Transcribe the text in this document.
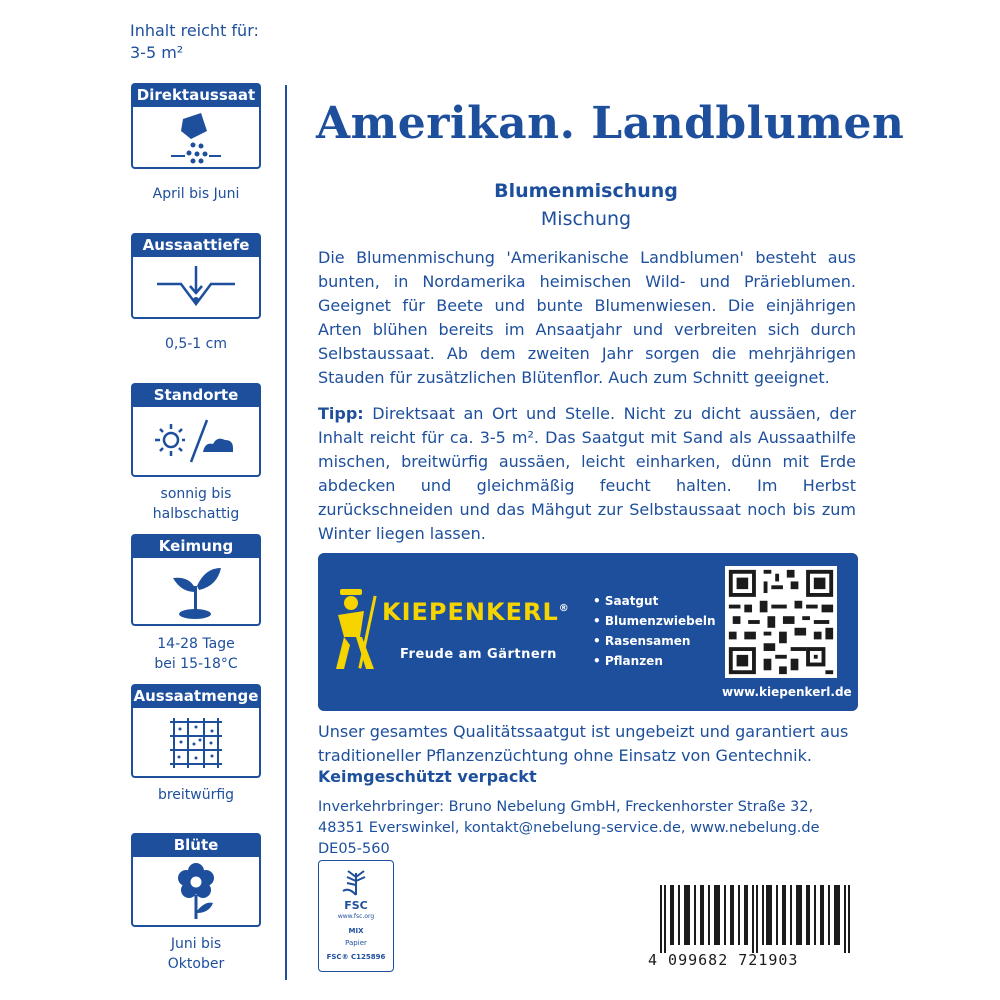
Inhalt reicht für:
3-5 m²
Direktaussaat
April bis Juni
Aussaattiefe
0,5-1 cm
Standorte
sonnig bis
halbschattig
Keimung
14-28 Tage
bei 15-18°C
Aussaatmenge
breitwürfig
Blüte
Juni bis
Oktober
Amerikan. Landblumen
Blumenmischung
Mischung
Die Blumenmischung 'Amerikanische Landblumen' besteht aus bunten, in Nordamerika heimischen Wild- und Prärieblumen. Geeignet für Beete und bunte Blumenwiesen. Die einjährigen Arten blühen bereits im Ansaatjahr und verbreiten sich durch Selbstaussaat. Ab dem zweiten Jahr sorgen die mehrjährigen Stauden für zusätzlichen Blütenflor. Auch zum Schnitt geeignet.
Tipp: Direktsaat an Ort und Stelle. Nicht zu dicht aussäen, der Inhalt reicht für ca. 3-5 m². Das Saatgut mit Sand als Aussaathilfe mischen, breitwürfig aussäen, leicht einharken, dünn mit Erde abdecken und gleichmäßig feucht halten. Im Herbst zurückschneiden und das Mähgut zur Selbstaussaat noch bis zum Winter liegen lassen.
KIEPENKERL®
Freude am Gärtnern
• Saatgut
• Blumenzwiebeln
• Rasensamen
• Pflanzen
www.kiepenkerl.de
Unser gesamtes Qualitätssaatgut ist ungebeizt und garantiert aus traditioneller Pflanzenzüchtung ohne Einsatz von Gentechnik.
Keimgeschützt verpackt
Inverkehrbringer: Bruno Nebelung GmbH, Freckenhorster Straße 32,
48351 Everswinkel, kontakt@nebelung-service.de, www.nebelung.de
DE05-560
FSC
www.fsc.org
MIX
Papier
FSC® C125896	4 099682 721903
